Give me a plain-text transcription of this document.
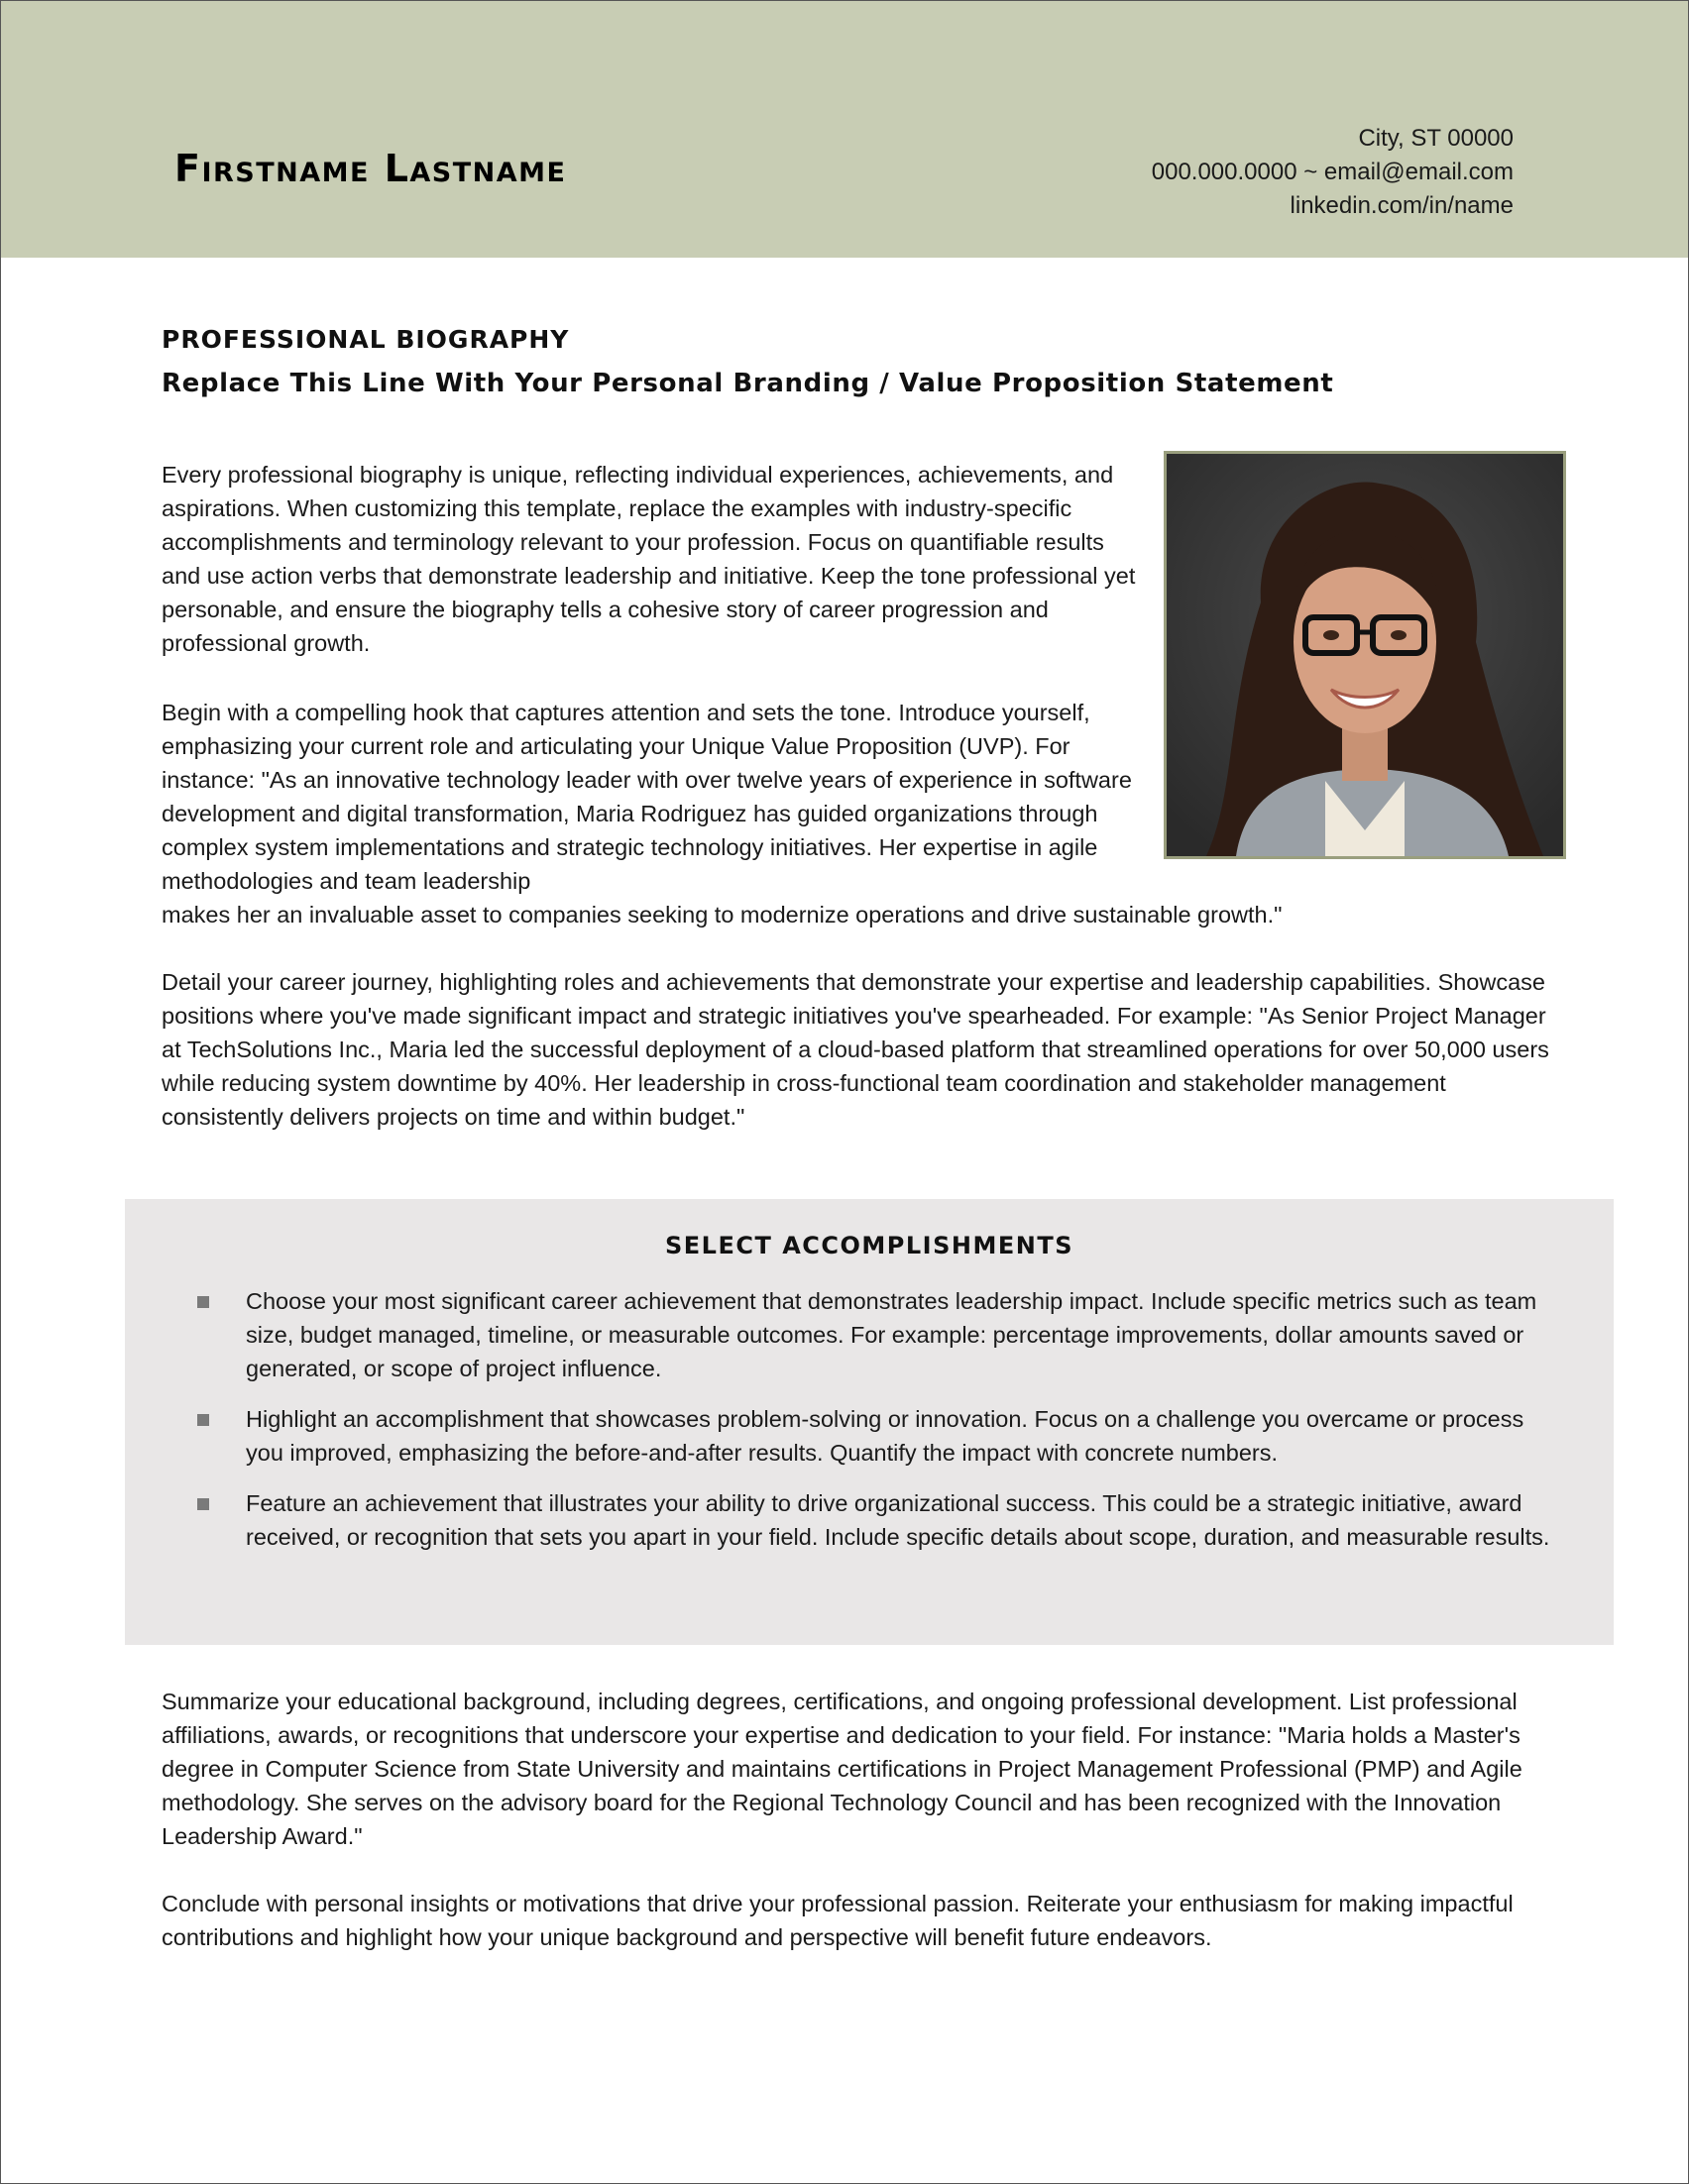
Firstname Lastname
City, ST 00000
000.000.0000 ~ email@email.com
linkedin.com/in/name
PROFESSIONAL BIOGRAPHY
Replace This Line With Your Personal Branding / Value Proposition Statement

Every professional biography is unique, reflecting individual experiences, achievements, and aspirations. When customizing this template, replace the examples with industry-specific accomplishments and terminology relevant to your profession. Focus on quantifiable results and use action verbs that demonstrate leadership and initiative. Keep the tone professional yet personable, and ensure the biography tells a cohesive story of career progression and professional growth.

Begin with a compelling hook that captures attention and sets the tone. Introduce yourself, emphasizing your current role and articulating your Unique Value Proposition (UVP). For instance: "As an innovative technology leader with over twelve years of experience in software development and digital transformation, Maria Rodriguez has guided organizations through complex system implementations and strategic technology initiatives. Her expertise in agile methodologies and team leadership

makes her an invaluable asset to companies seeking to modernize operations and drive sustainable growth."

Detail your career journey, highlighting roles and achievements that demonstrate your expertise and leadership capabilities. Showcase positions where you've made significant impact and strategic initiatives you've spearheaded. For example: "As Senior Project Manager at TechSolutions Inc., Maria led the successful deployment of a cloud-based platform that streamlined operations for over 50,000 users while reducing system downtime by 40%. Her leadership in cross-functional team coordination and stakeholder management consistently delivers projects on time and within budget."

SELECT ACCOMPLISHMENTS
Choose your most significant career achievement that demonstrates leadership impact. Include specific metrics such as team size, budget managed, timeline, or measurable outcomes. For example: percentage improvements, dollar amounts saved or generated, or scope of project influence.
Highlight an accomplishment that showcases problem-solving or innovation. Focus on a challenge you overcame or process you improved, emphasizing the before-and-after results. Quantify the impact with concrete numbers.
Feature an achievement that illustrates your ability to drive organizational success. This could be a strategic initiative, award received, or recognition that sets you apart in your field. Include specific details about scope, duration, and measurable results.

Summarize your educational background, including degrees, certifications, and ongoing professional development. List professional affiliations, awards, or recognitions that underscore your expertise and dedication to your field. For instance: "Maria holds a Master's degree in Computer Science from State University and maintains certifications in Project Management Professional (PMP) and Agile methodology. She serves on the advisory board for the Regional Technology Council and has been recognized with the Innovation Leadership Award."

Conclude with personal insights or motivations that drive your professional passion. Reiterate your enthusiasm for making impactful contributions and highlight how your unique background and perspective will benefit future endeavors.
